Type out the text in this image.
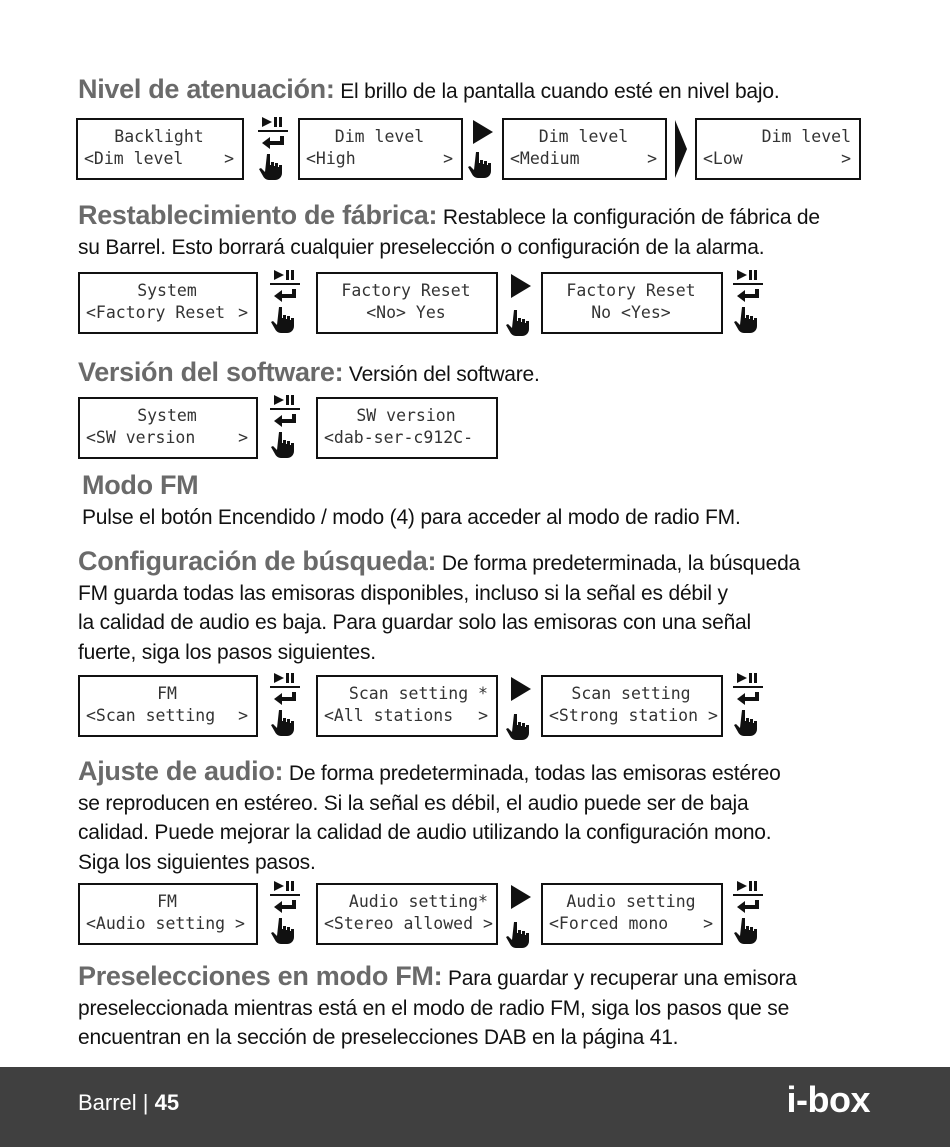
Nivel de atenuación: El brillo de la pantalla cuando esté en nivel bajo.
Backlight
<Dim level >
Dim level
<High	>
Dim level
<Medium	>
Dim level
<Low	>
Restablecimiento de fábrica: Restablece la configuración de fábrica de
su Barrel. Esto borrará cualquier preselección o configuración de la alarma.
System
<Factory Reset >
Factory Reset
<No> Yes
Factory Reset
No <Yes>
Versión del software: Versión del software.
System
<SW version	>
SW version
<dab-ser-c912C-
Modo FM
Pulse el botón Encendido / modo (4) para acceder al modo de radio FM.
Configuración de búsqueda: De forma predeterminada, la búsqueda
FM guarda todas las emisoras disponibles, incluso si la señal es débil y
la calidad de audio es baja. Para guardar solo las emisoras con una señal
fuerte, siga los pasos siguientes.
FM
<Scan setting >
Scan setting *
<All stations >
Scan setting
<Strong station >
Ajuste de audio: De forma predeterminada, todas las emisoras estéreo
se reproducen en estéreo. Si la señal es débil, el audio puede ser de baja
calidad. Puede mejorar la calidad de audio utilizando la configuración mono.
Siga los siguientes pasos.
FM
<Audio setting >
Audio setting*
<Stereo allowed >
Audio setting
<Forced mono >
Preselecciones en modo FM: Para guardar y recuperar una emisora
preseleccionada mientras está en el modo de radio FM, siga los pasos que se
encuentran en la sección de preselecciones DAB en la página 41.
Barrel | 45	i-box
